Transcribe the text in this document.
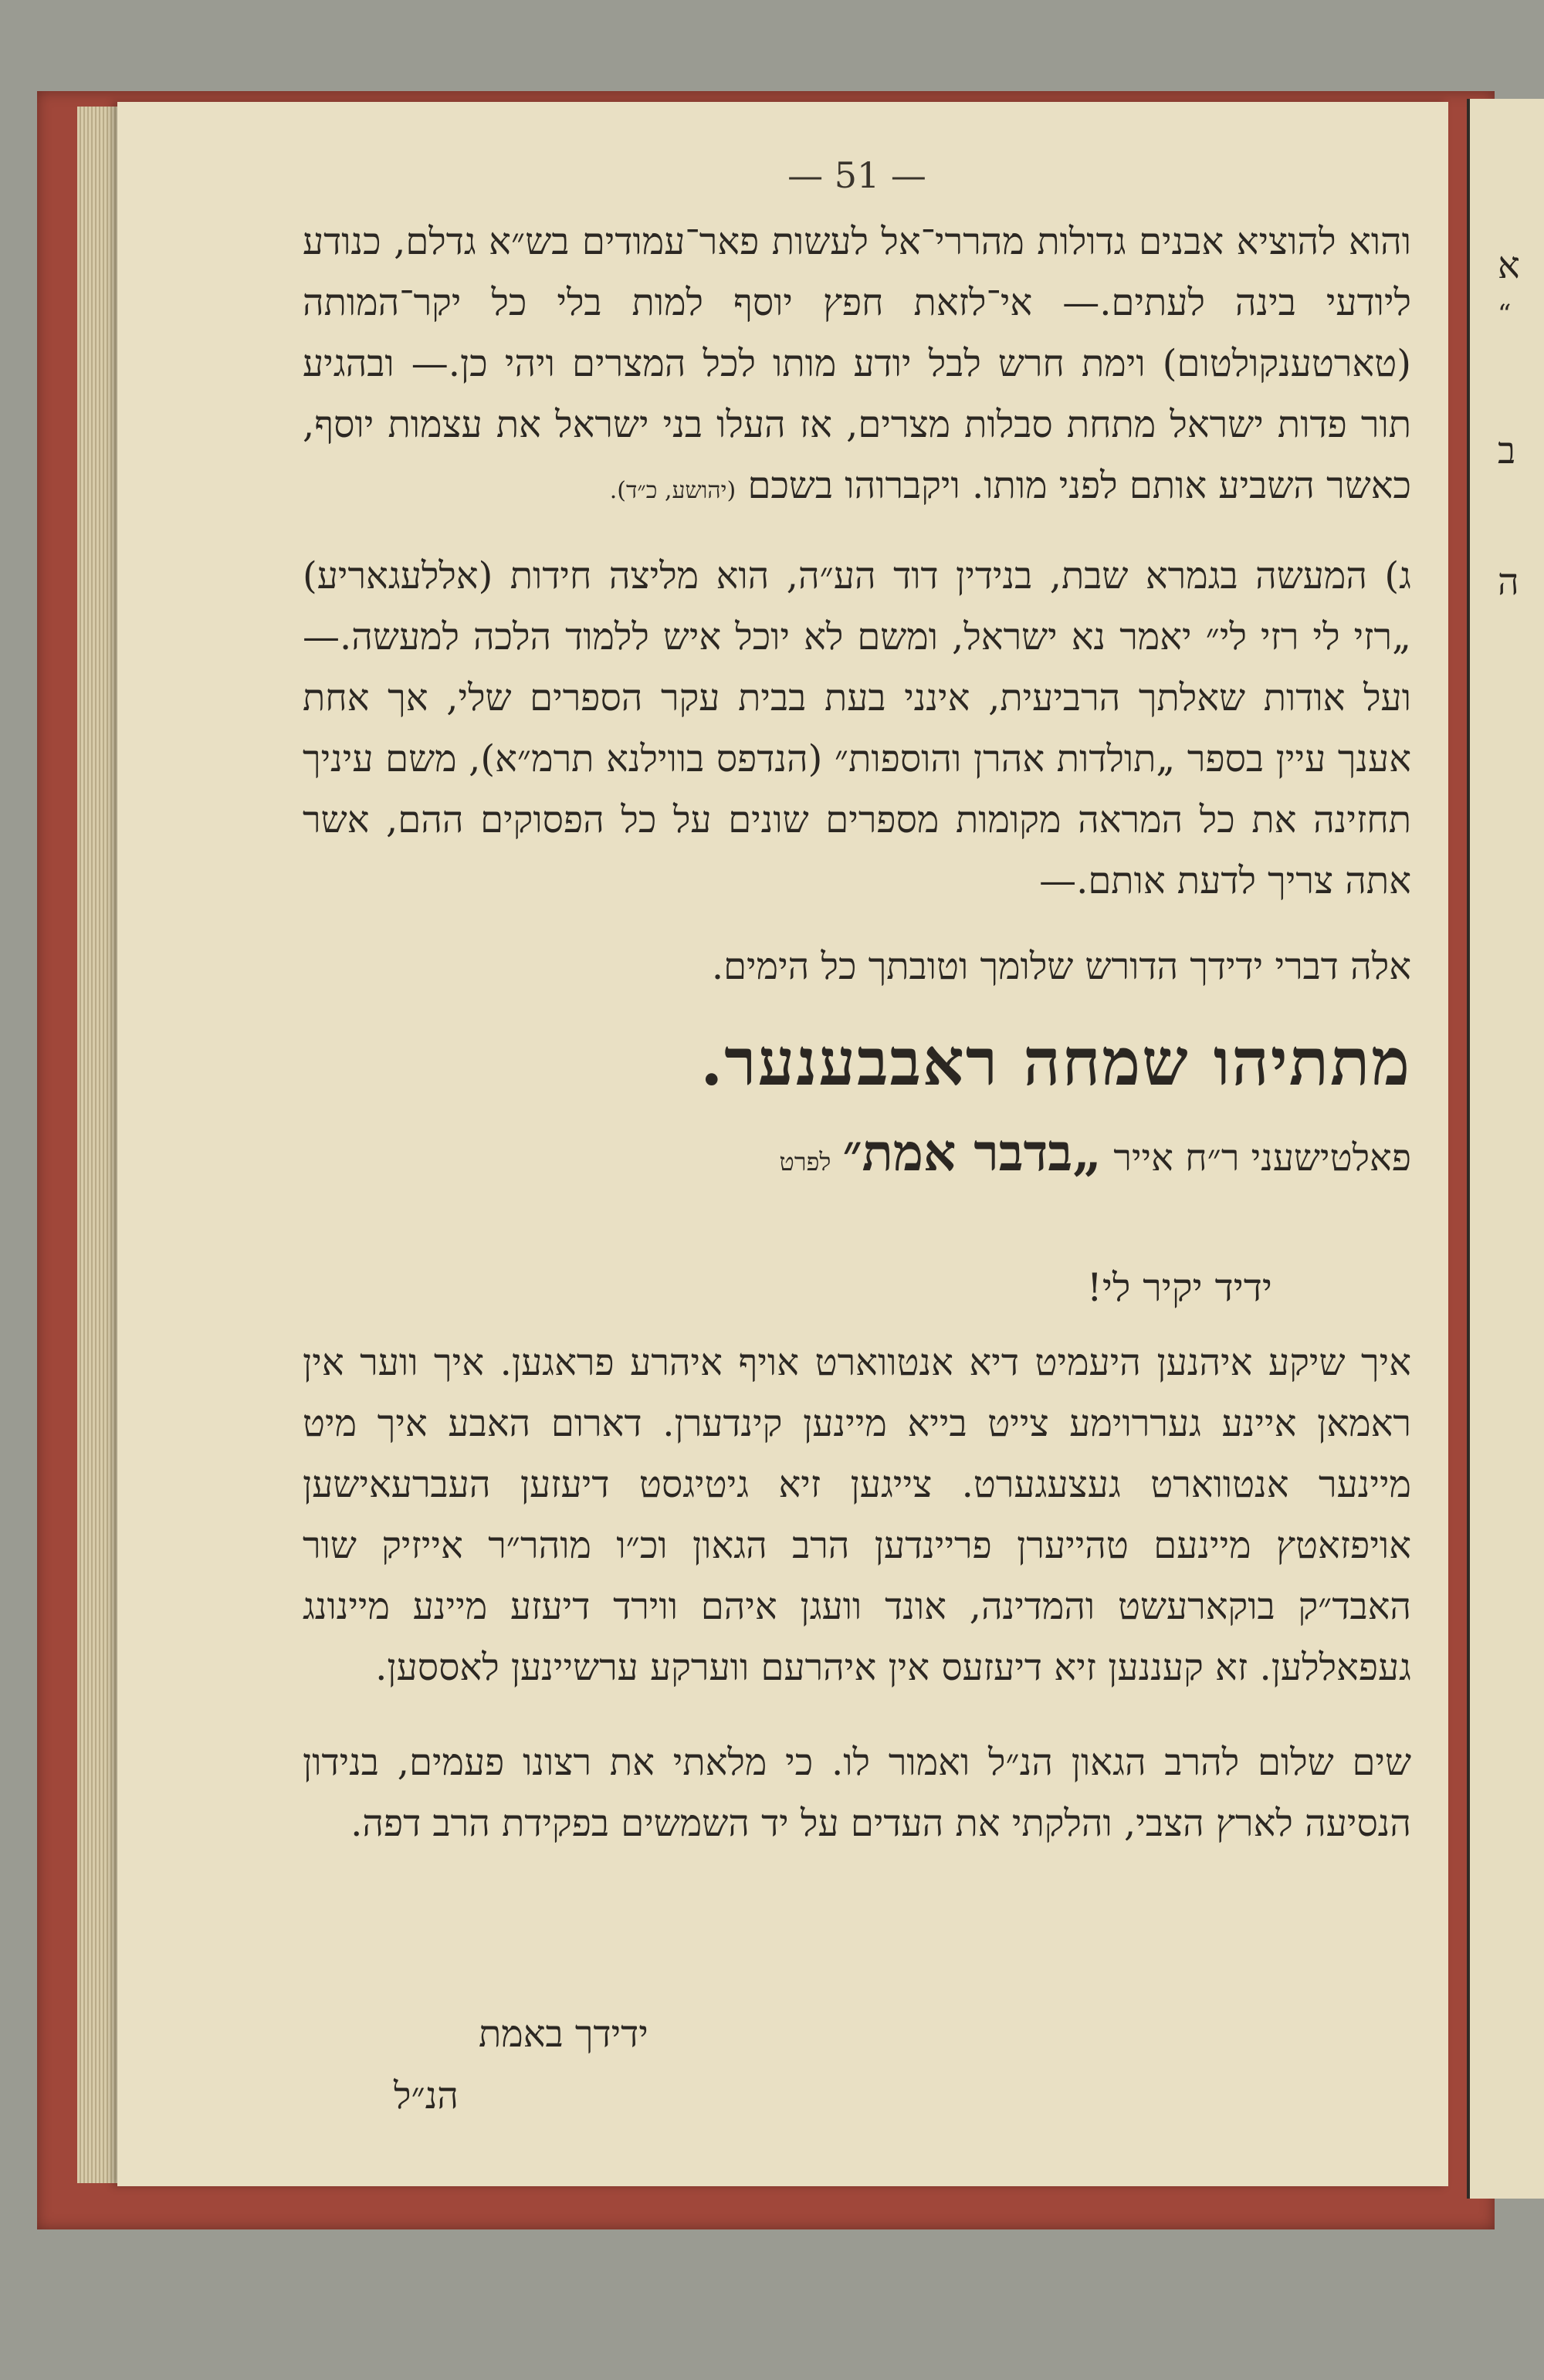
א
“
ב
ה
— 51 —

והוא להוציא אבנים גדולות מהררי־אל לעשות פאר־עמודים בש״א גדלם, כנודע ליודעי בינה לעתים.— אי־לזאת חפץ יוסף למות בלי כל יקר־המותה (טארטענקולטום) וימת חרש לבל יודע מותו לכל המצרים ויהי כן.— ובהגיע תור פדות ישראל מתחת סבלות מצרים, אז העלו בני ישראל את עצמות יוסף, כאשר השביע אותם לפני מותו. ויקברוהו בשכם (יהושע, כ״ד).

ג) המעשה בגמרא שבת, בנידין דוד הע״ה, הוא מליצה חידות (אללעגאריע) „רזי לי רזי לי״ יאמר נא ישראל, ומשם לא יוכל איש ללמוד הלכה למעשה.— ועל אודות שאלתך הרביעית, אינני בעת בבית עקר הספרים שלי, אך אחת אענך עיין בספר „תולדות אהרן והוספות״ (הנדפס בווילנא תרמ״א), משם עיניך תחזינה את כל המראה מקומות מספרים שונים על כל הפסוקים ההם, אשר אתה צריך לדעת אותם.—

אלה דברי ידידך הדורש שלומך וטובתך כל הימים.

מתתיהו שמחה ראבבענער.
פאלטישעני ר״ח אייר „בדבר אמת״ לפרט
ידיד יקיר לי!

איך שיקע איהנען היעמיט דיא אנטווארט אויף איהרע פראגען. איך ווער אין ראמאן איינע געררוימע צייט בייא מיינען קינדערן. דארום האבע איך מיט מיינער אנטווארט געצעגערט. צייגען זיא גיטיגסט דיעזען העברעאישען אויפזאטץ מיינעם טהייערן פריינדען הרב הגאון וכ״ו מוהר״ר אייזיק שור האבד״ק בוקארעשט והמדינה, אונד וועגן איהם ווירד דיעזע מיינע מיינונג געפאללען. זא קעננען זיא דיעזעס אין איהרעם ווערקע ערשיינען לאססען.

שים שלום להרב הגאון הנ״ל ואמור לו. כי מלאתי את רצונו פעמים, בנידון הנסיעה לארץ הצבי, והלקתי את העדים על יד השמשים בפקידת הרב דפה.

ידידך באמת
הנ״ל
